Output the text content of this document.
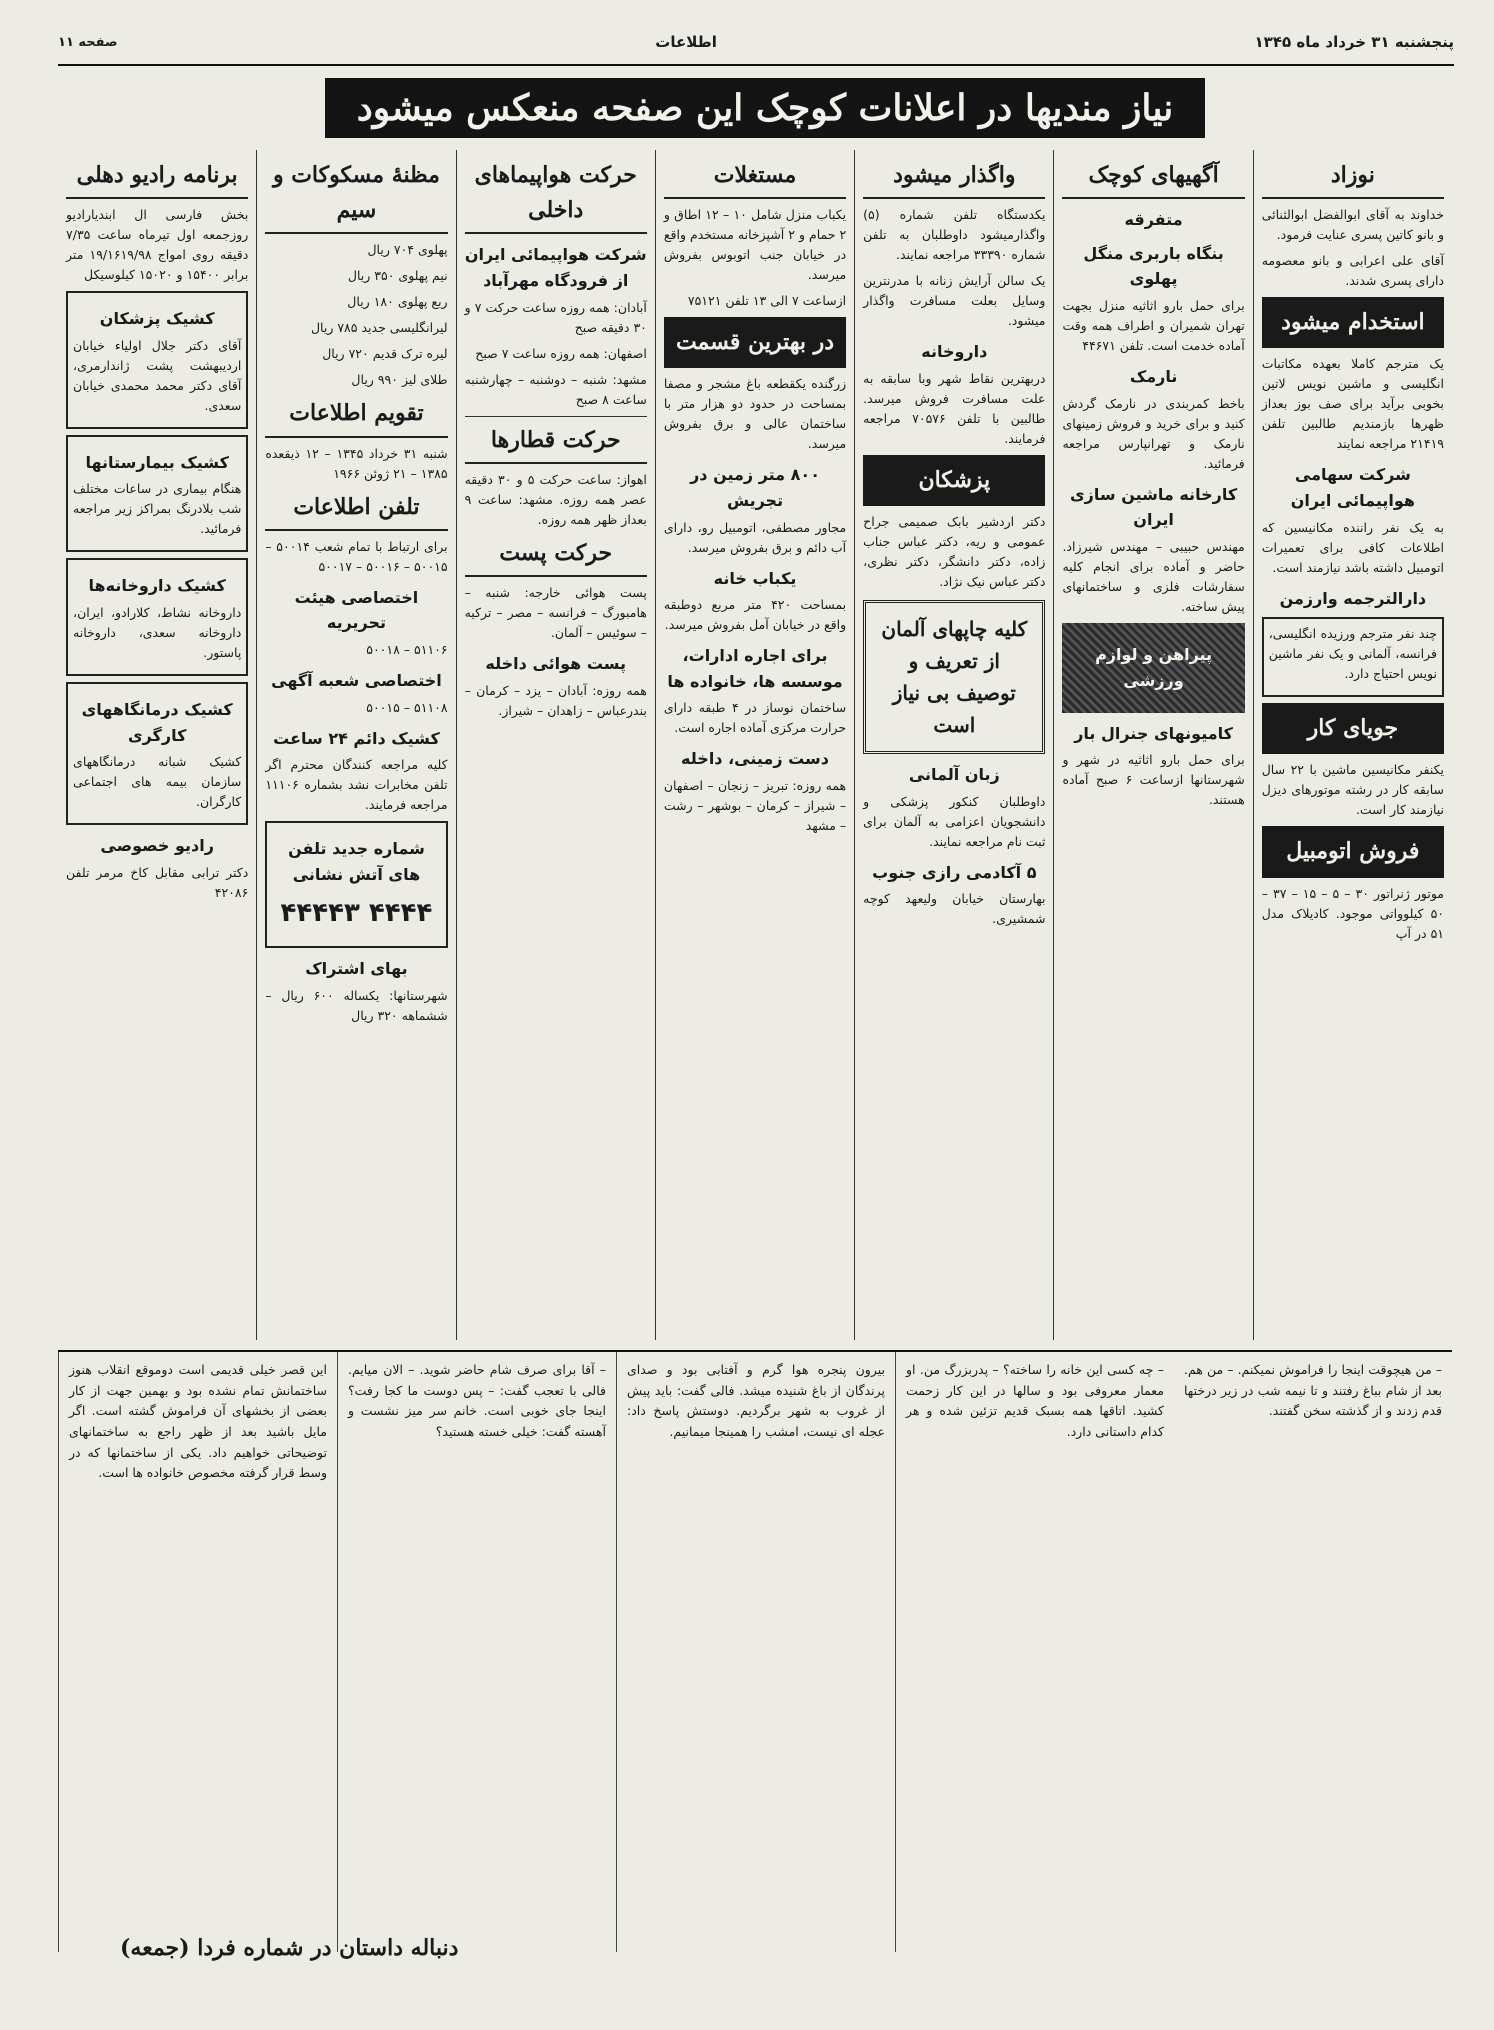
پنجشنبه ۳۱ خرداد ماه ۱۳۴۵
اطلاعات
صفحه ۱۱
نیاز مندیها در اعلانات کوچک این صفحه منعکس میشود
نوزاد

خداوند به آقای ابوالفضل ابوالثنائی و بانو کاتین پسری عنایت فرمود.

آقای علی اعرابی و بانو معصومه دارای پسری شدند.

استخدام میشود

یک مترجم کاملا بعهده مکاتبات انگلیسی و ماشین نویس لاتین بخوبی برآید برای صف بوز بعداز ظهرها بازمندیم طالبین تلفن ۲۱۴۱۹ مراجعه نمایند

شرکت سهامی هواپیمائی ایران

به یک نفر راننده مکانیسین که اطلاعات کافی برای تعمیرات اتومبیل داشته باشد نیازمند است.

دارالترجمه وارزمن

چند نفر مترجم ورزیده انگلیسی، فرانسه، آلمانی و یک نفر ماشین نویس احتیاج دارد.

جویای کار

یکنفر مکانیسین ماشین با ۲۲ سال سابقه کار در رشته موتورهای دیزل نیازمند کار است.

فروش اتومبیل

موتور ژنراتور ۳۰ – ۵ – ۱۵ – ۳۷ – ۵۰ کیلوواتی موجود. کادیلاک مدل ۵۱ در آپ

آگهیهای کوچک
متفرقه
بنگاه باربری منگل پهلوی

برای حمل بارو اثاثیه منزل بجهت تهران شمیران و اطراف همه وقت آماده خدمت است. تلفن ۴۴۶۷۱

نارمک

باخط کمربندی در نارمک گردش کنید و برای خرید و فروش زمینهای نارمک و تهرانپارس مراجعه فرمائید.

کارخانه ماشین سازی ایران

مهندس حبیبی – مهندس شیرزاد. حاضر و آماده برای انجام کلیه سفارشات فلزی و ساختمانهای پیش ساخته.

پیراهن و لوازم ورزشی
کامیونهای جنرال بار

برای حمل بارو اثاثیه در شهر و شهرستانها ازساعت ۶ صبح آماده هستند.

واگذار میشود

یکدستگاه تلفن شماره (۵) واگذارمیشود داوطلبان به تلفن شماره ۳۳۳۹۰ مراجعه نمایند.

یک سالن آرایش زنانه با مدرنترین وسایل بعلت مسافرت واگذار میشود.

داروخانه

دربهترین نقاط شهر وبا سابقه به علت مسافرت فروش میرسد. طالبین با تلفن ۷۰۵۷۶ مراجعه فرمایند.

پزشکان

دکتر اردشیر بابک صمیمی جراح عمومی و ریه، دکتر عباس جناب زاده، دکتر دانشگر، دکتر نظری، دکتر عباس نیک نژاد.

کلیه چاپهای آلمان از تعریف و توصیف بی نیاز است
زبان آلمانی

داوطلبان کنکور پزشکی و دانشجویان اعزامی به آلمان برای ثبت نام مراجعه نمایند.

۵ آکادمی رازی جنوب

بهارستان خیابان ولیعهد کوچه شمشیری.

مستغلات

یکباب منزل شامل ۱۰ – ۱۲ اطاق و ۲ حمام و ۲ آشپزخانه مستخدم واقع در خیابان جنب اتوبوس بفروش میرسد.

ازساعت ۷ الی ۱۳ تلفن ۷۵۱۲۱

در بهترین قسمت

زرگنده یکقطعه باغ مشجر و مصفا بمساحت در حدود دو هزار متر با ساختمان عالی و برق بفروش میرسد.

۸۰۰ متر زمین در تجریش

مجاور مصطفی، اتومبیل رو، دارای آب دائم و برق بفروش میرسد.

یکباب خانه

بمساحت ۴۲۰ متر مربع دوطبقه واقع در خیابان آمل بفروش میرسد.

برای اجاره ادارات، موسسه ها، خانواده ها

ساختمان نوساز در ۴ طبقه دارای حرارت مرکزی آماده اجاره است.

دست زمینی، داخله

همه روزه: تبریز – زنجان – اصفهان – شیراز – کرمان – بوشهر – رشت – مشهد

حرکت هواپیماهای داخلی
شرکت هواپیمائی ایران از فرودگاه مهرآباد

آبادان: همه روزه ساعت حرکت ۷ و ۳۰ دقیقه صبح

اصفهان: همه روزه ساعت ۷ صبح

مشهد: شنبه – دوشنبه – چهارشنبه ساعت ۸ صبح

حرکت قطارها

اهواز: ساعت حرکت ۵ و ۳۰ دقیقه عصر همه روزه. مشهد: ساعت ۹ بعداز ظهر همه روزه.

حرکت پست

پست هوائی خارجه: شنبه – هامبورگ – فرانسه – مصر – ترکیه – سوئیس – آلمان.

پست هوائی داخله

همه روزه: آبادان – یزد – کرمان – بندرعباس – زاهدان – شیراز.

مظنهٔ مسکوکات و سیم

پهلوی ۷۰۴ ریال

نیم پهلوی ۳۵۰ ریال

ربع پهلوی ۱۸۰ ریال

لیرانگلیسی جدید ۷۸۵ ریال

لیره ترک قدیم ۷۲۰ ریال

طلای لیز ۹۹۰ ریال

تقویم اطلاعات

شنبه ۳۱ خرداد ۱۳۴۵ – ۱۲ ذیقعده ۱۳۸۵ – ۲۱ ژوئن ۱۹۶۶

تلفن اطلاعات

برای ارتباط با تمام شعب ۵۰۰۱۴ – ۵۰۰۱۵ – ۵۰۰۱۶ – ۵۰۰۱۷

اختصاصی هیئت تحریریه

۵۱۱۰۶ – ۵۰۰۱۸

اختصاصی شعبه آگهی

۵۱۱۰۸ – ۵۰۰۱۵

کشیک دائم ۲۴ ساعت

کلیه مراجعه کنندگان محترم اگر تلفن مخابرات نشد بشماره ۱۱۱۰۶ مراجعه فرمایند.

شماره جدید تلفن های آتش نشانی
۴۴۴۴ ۴۴۴۴۳
بهای اشتراک

شهرستانها: یکساله ۶۰۰ ریال – ششماهه ۳۲۰ ریال

برنامه رادیو دهلی

بخش فارسی ال ابندیارادیو روزجمعه اول تیرماه ساعت ۷/۳۵ دقیقه روی امواج ۱۹/۱۶۱۹/۹۸ متر برابر ۱۵۴۰۰ و ۱۵۰۲۰ کیلوسیکل

کشیک پزشکان

آقای دکتر جلال اولیاء خیابان اردیبهشت پشت ژاندارمری، آقای دکتر محمد محمدی خیابان سعدی.

کشیک بیمارستانها

هنگام بیماری در ساعات مختلف شب بلادرنگ بمراکز زیر مراجعه فرمائید.

کشیک داروخانه‌ها

داروخانه نشاط، کلارادو، ایران، داروخانه سعدی، داروخانه پاستور.

کشیک درمانگاههای کارگری

کشیک شبانه درمانگاههای سازمان بیمه های اجتماعی کارگران.

رادیو خصوصی

دکتر ترابی مقابل کاخ مرمر تلفن ۴۲۰۸۶

این قصر خیلی قدیمی است دوموقع انقلاب هنوز ساختمانش تمام نشده بود و بهمین جهت از کار بعضی از بخشهای آن فراموش گشته است. اگر مایل باشید بعد از ظهر راجع به ساختمانهای توضیحاتی خواهیم داد. یکی از ساختمانها که در وسط قرار گرفته مخصوص خانواده ها است.
– آقا برای صرف شام حاضر شوید. – الان میایم. فالی با تعجب گفت: – پس دوست ما کجا رفت؟ اینجا جای خوبی است. خانم سر میز نشست و آهسته گفت: خیلی خسته هستید؟
بیرون پنجره هوا گرم و آفتابی بود و صدای پرندگان از باغ شنیده میشد. فالی گفت: باید پیش از غروب به شهر برگردیم. دوستش پاسخ داد: عجله ای نیست، امشب را همینجا میمانیم.
– چه کسی این خانه را ساخته؟ – پدربزرگ من. او معمار معروفی بود و سالها در این کار زحمت کشید. اتاقها همه بسبک قدیم تزئین شده و هر کدام داستانی دارد.
– من هیچوقت اینجا را فراموش نمیکنم. – من هم. بعد از شام بباغ رفتند و تا نیمه شب در زیر درختها قدم زدند و از گذشته سخن گفتند.
دنباله داستان در شماره فردا (جمعه)
